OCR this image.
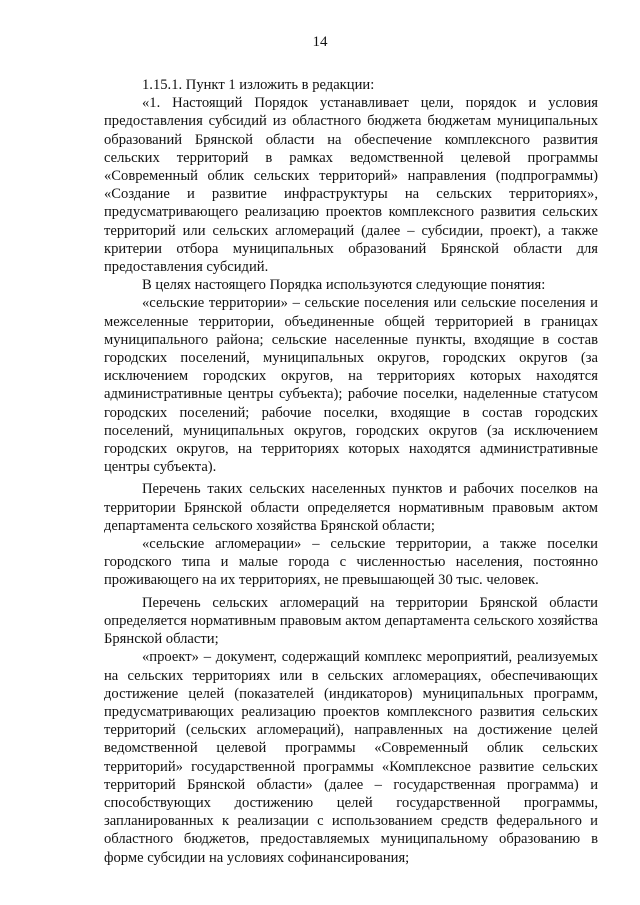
14

1.15.1. Пункт 1 изложить в редакции:

«1. Настоящий Порядок устанавливает цели, порядок и условия предоставления субсидий из областного бюджета бюджетам муниципальных образований Брянской области на обеспечение комплексного развития сельских территорий в рамках ведомственной целевой программы «Современный облик сельских территорий» направления (подпрограммы) «Создание и развитие инфраструктуры на сельских территориях», предусматривающего реализацию проектов комплексного развития сельских территорий или сельских агломераций (далее – субсидии, проект), а также критерии отбора муниципальных образований Брянской области для предоставления субсидий.

В целях настоящего Порядка используются следующие понятия:

«сельские территории» – сельские поселения или сельские поселения и межселенные территории, объединенные общей территорией в границах муниципального района; сельские населенные пункты, входящие в состав городских поселений, муниципальных округов, городских округов (за исключением городских округов, на территориях которых находятся административные центры субъекта); рабочие поселки, наделенные статусом городских поселений; рабочие поселки, входящие в состав городских поселений, муниципальных округов, городских округов (за исключением городских округов, на территориях которых находятся административные центры субъекта).

Перечень таких сельских населенных пунктов и рабочих поселков на территории Брянской области определяется нормативным правовым актом департамента сельского хозяйства Брянской области;

«сельские агломерации» – сельские территории, а также поселки городского типа и малые города с численностью населения, постоянно проживающего на их территориях, не превышающей 30 тыс. человек.

Перечень сельских агломераций на территории Брянской области определяется нормативным правовым актом департамента сельского хозяйства Брянской области;

«проект» – документ, содержащий комплекс мероприятий, реализуемых на сельских территориях или в сельских агломерациях, обеспечивающих достижение целей (показателей (индикаторов) муниципальных программ, предусматривающих реализацию проектов комплексного развития сельских территорий (сельских агломераций), направленных на достижение целей ведомственной целевой программы «Современный облик сельских территорий» государственной программы «Комплексное развитие сельских территорий Брянской области» (далее – государственная программа) и способствующих достижению целей государственной программы, запланированных к реализации с использованием средств федерального и областного бюджетов, предоставляемых муниципальному образованию в форме субсидии на условиях софинансирования;
